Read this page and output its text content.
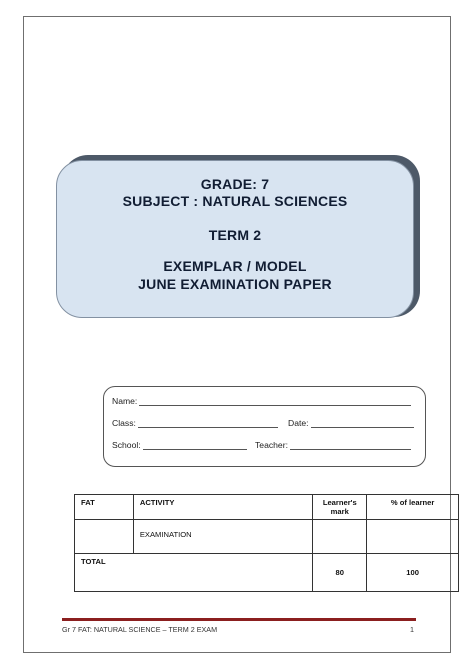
GRADE: 7
SUBJECT : NATURAL SCIENCES
TERM 2
EXEMPLAR / MODEL
JUNE EXAMINATION PAPER
Name:
Class:	Date:
School:	Teacher:
FAT	ACTIVITY	Learner's mark	% of learner
	EXAMINATION		
TOTAL		80	100
Gr 7 FAT: NATURAL SCIENCE – TERM 2 EXAM	1
